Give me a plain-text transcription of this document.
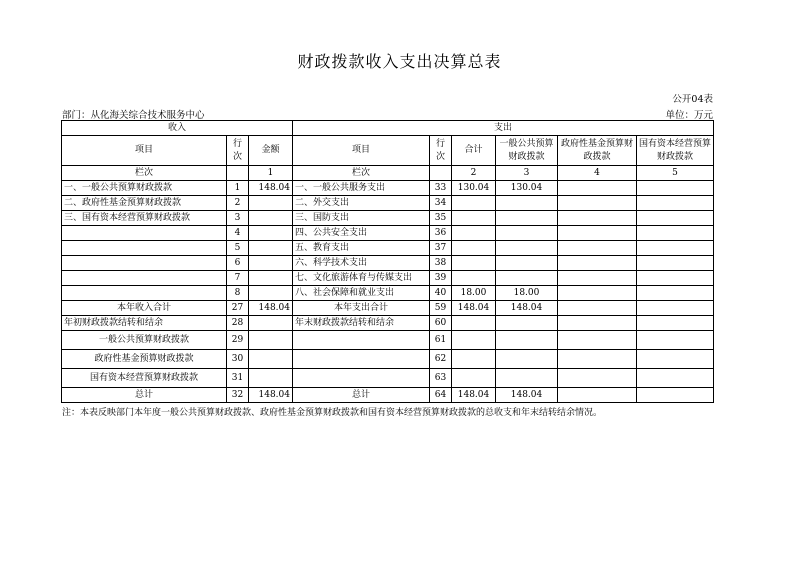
财政拨款收入支出决算总表
公开04表
部门：从化海关综合技术服务中心	单位：万元
收入			支出					
项目	行次	金额	项目	行次	合计	一般公共预算财政拨款	政府性基金预算财政拨款	国有资本经营预算财政拨款
栏次		1	栏次		2	3	4	5
一、一般公共预算财政拨款	1	148.04	一、一般公共服务支出	33	130.04	130.04		
二、政府性基金预算财政拨款	2		二、外交支出	34				
三、国有资本经营预算财政拨款	3		三、国防支出	35				
	4		四、公共安全支出	36				
	5		五、教育支出	37				
	6		六、科学技术支出	38				
	7		七、文化旅游体育与传媒支出	39				
	8		八、社会保障和就业支出	40	18.00	18.00		
本年收入合计	27	148.04	本年支出合计	59	148.04	148.04		
年初财政拨款结转和结余	28		年末财政拨款结转和结余	60				
一般公共预算财政拨款	29			61				
政府性基金预算财政拨款	30			62				
国有资本经营预算财政拨款	31			63				
总计	32	148.04	总计	64	148.04	148.04		
注：本表反映部门本年度一般公共预算财政拨款、政府性基金预算财政拨款和国有资本经营预算财政拨款的总收支和年末结转结余情况。
